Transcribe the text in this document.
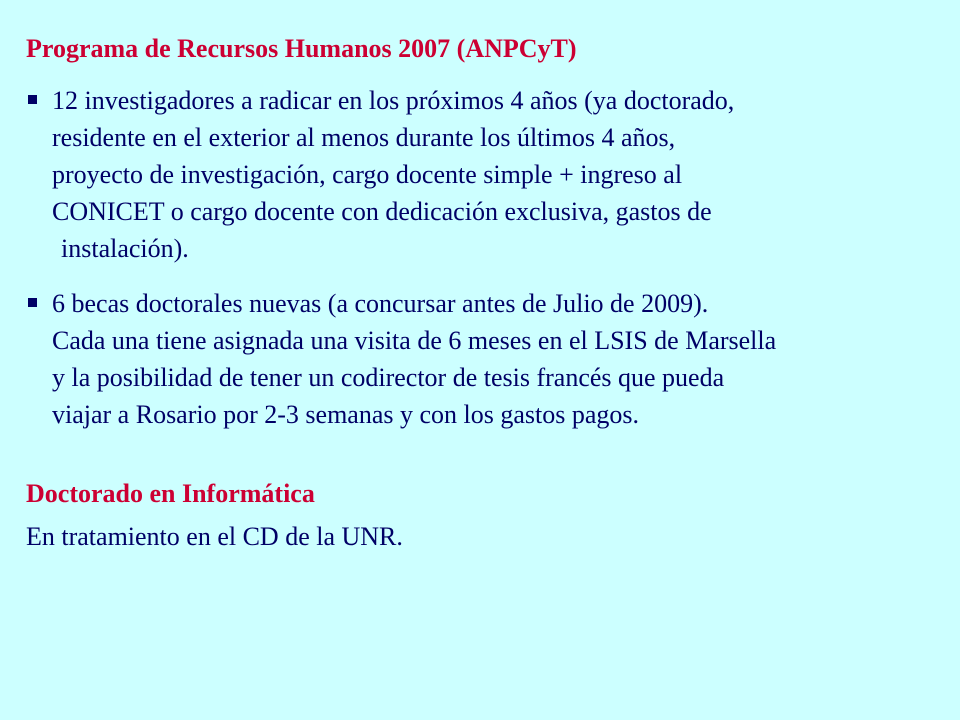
Programa de Recursos Humanos 2007 (ANPCyT)
12 investigadores a radicar en los próximos 4 años (ya doctorado,
residente en el exterior al menos durante los últimos 4 años,
proyecto de investigación, cargo docente simple + ingreso al
CONICET o cargo docente con dedicación exclusiva, gastos de
instalación).
6 becas doctorales nuevas (a concursar antes de Julio de 2009).
Cada una tiene asignada una visita de 6 meses en el LSIS de Marsella
y la posibilidad de tener un codirector de tesis francés que pueda
viajar a Rosario por 2-3 semanas y con los gastos pagos.
Doctorado en Informática

En tratamiento en el CD de la UNR.
